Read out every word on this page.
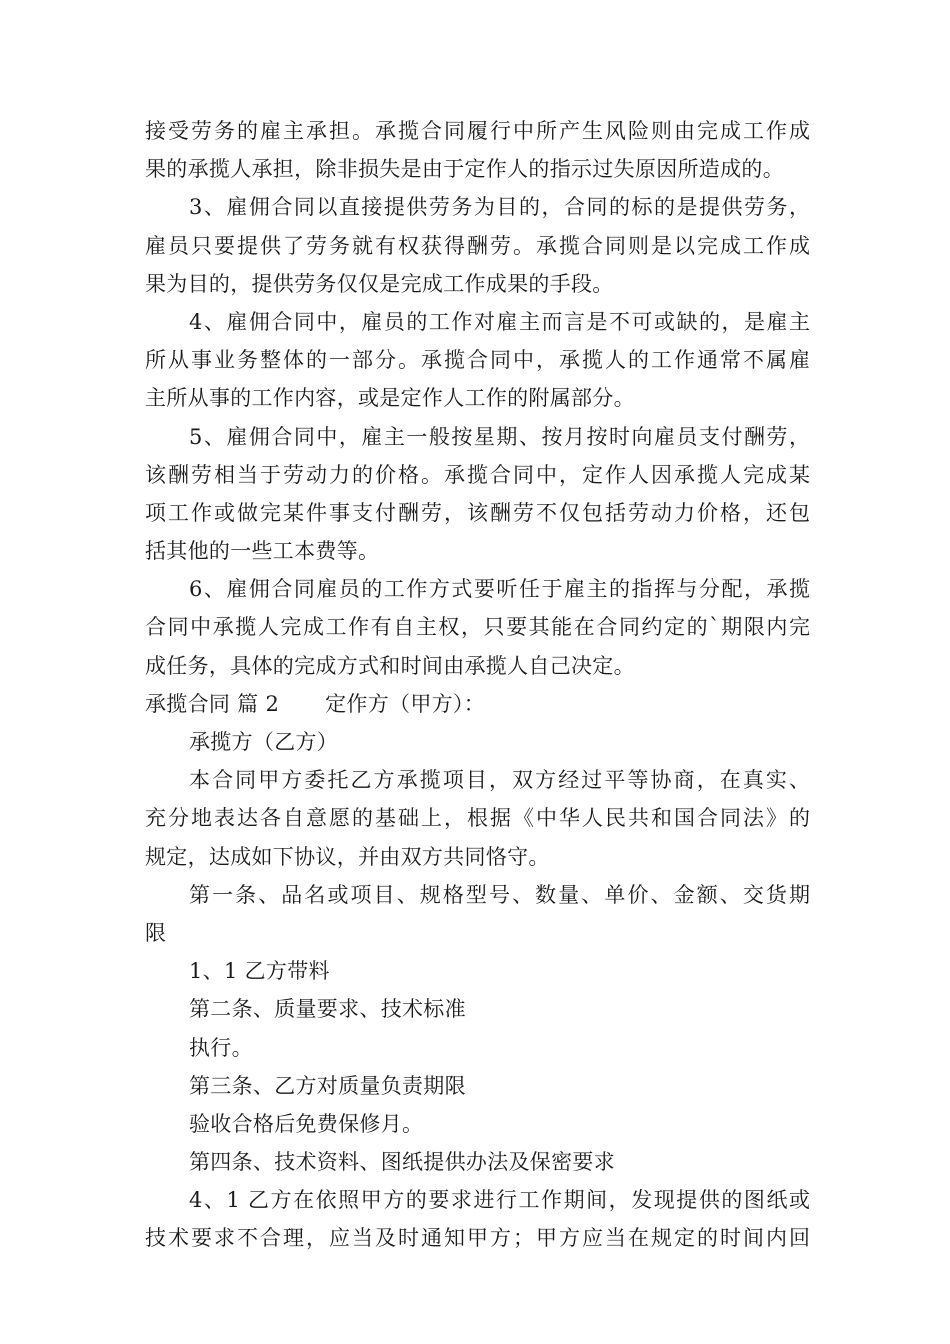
接受劳务的雇主承担。承揽合同履行中所产生风险则由完成工作成
果的承揽人承担，除非损失是由于定作人的指示过失原因所造成的。
3、雇佣合同以直接提供劳务为目的，合同的标的是提供劳务，
雇员只要提供了劳务就有权获得酬劳。承揽合同则是以完成工作成
果为目的，提供劳务仅仅是完成工作成果的手段。
4、雇佣合同中，雇员的工作对雇主而言是不可或缺的，是雇主
所从事业务整体的一部分。承揽合同中，承揽人的工作通常不属雇
主所从事的工作内容，或是定作人工作的附属部分。
5、雇佣合同中，雇主一般按星期、按月按时向雇员支付酬劳，
该酬劳相当于劳动力的价格。承揽合同中，定作人因承揽人完成某
项工作或做完某件事支付酬劳，该酬劳不仅包括劳动力价格，还包
括其他的一些工本费等。
6、雇佣合同雇员的工作方式要听任于雇主的指挥与分配，承揽
合同中承揽人完成工作有自主权，只要其能在合同约定的`期限内完
成任务，具体的完成方式和时间由承揽人自己决定。
承揽合同 篇 2 定作方（甲方）：
承揽方（乙方）
本合同甲方委托乙方承揽项目，双方经过平等协商，在真实、
充分地表达各自意愿的基础上，根据《中华人民共和国合同法》的
规定，达成如下协议，并由双方共同恪守。
第一条、品名或项目、规格型号、数量、单价、金额、交货期
限
1、1 乙方带料
第二条、质量要求、技术标准
执行。
第三条、乙方对质量负责期限
验收合格后免费保修月。
第四条、技术资料、图纸提供办法及保密要求
4、1 乙方在依照甲方的要求进行工作期间，发现提供的图纸或
技术要求不合理，应当及时通知甲方；甲方应当在规定的时间内回
